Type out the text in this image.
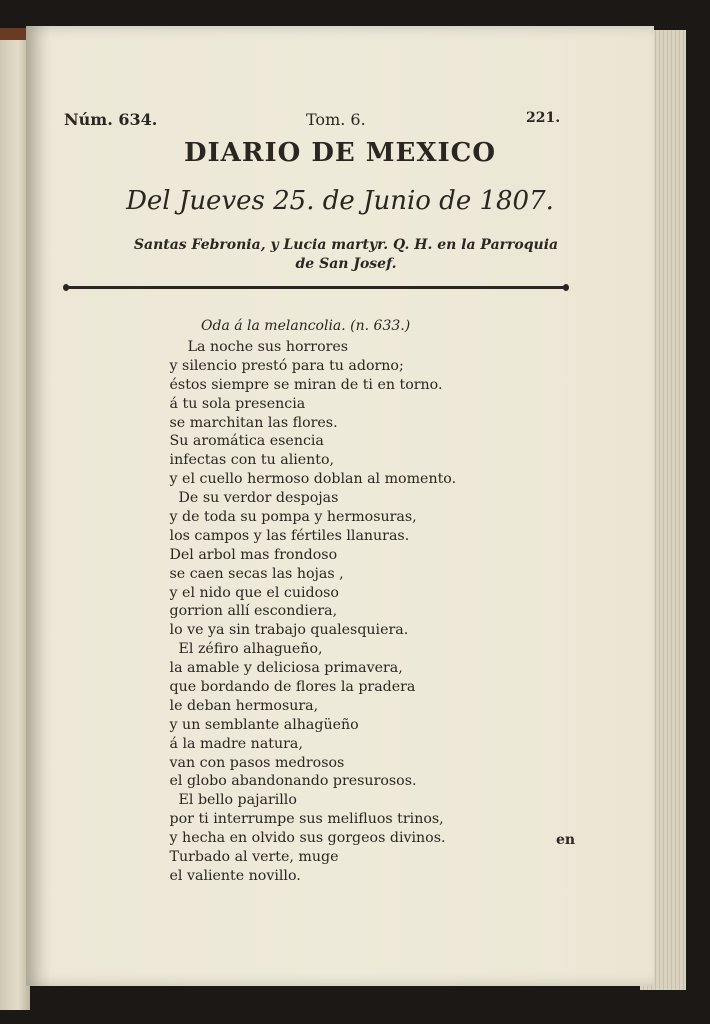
Núm. 634.	Tom. 6.	221.
DIARIO DE MEXICO
Del Jueves 25. de Junio de 1807.
Santas Febronia, y Lucia martyr. Q. H. en la Parroquia
de San Josef.
Oda á la melancolia. (n. 633.)
La noche sus horrores
y silencio prestó para tu adorno;
éstos siempre se miran de ti en torno.
á tu sola presencia
se marchitan las flores.
Su aromática esencia
infectas con tu aliento,
y el cuello hermoso doblan al momento.
De su verdor despojas
y de toda su pompa y hermosuras,
los campos y las fértiles llanuras.
Del arbol mas frondoso
se caen secas las hojas ,
y el nido que el cuidoso
gorrion allí escondiera,
lo ve ya sin trabajo qualesquiera.
El zéfiro alhagueño,
la amable y deliciosa primavera,
que bordando de flores la pradera
le deban hermosura,
y un semblante alhagüeño
á la madre natura,
van con pasos medrosos
el globo abandonando presurosos.
El bello pajarillo
por ti interrumpe sus melifluos trinos,
y hecha en olvido sus gorgeos divinos.
Turbado al verte, muge
el valiente novillo.
en
